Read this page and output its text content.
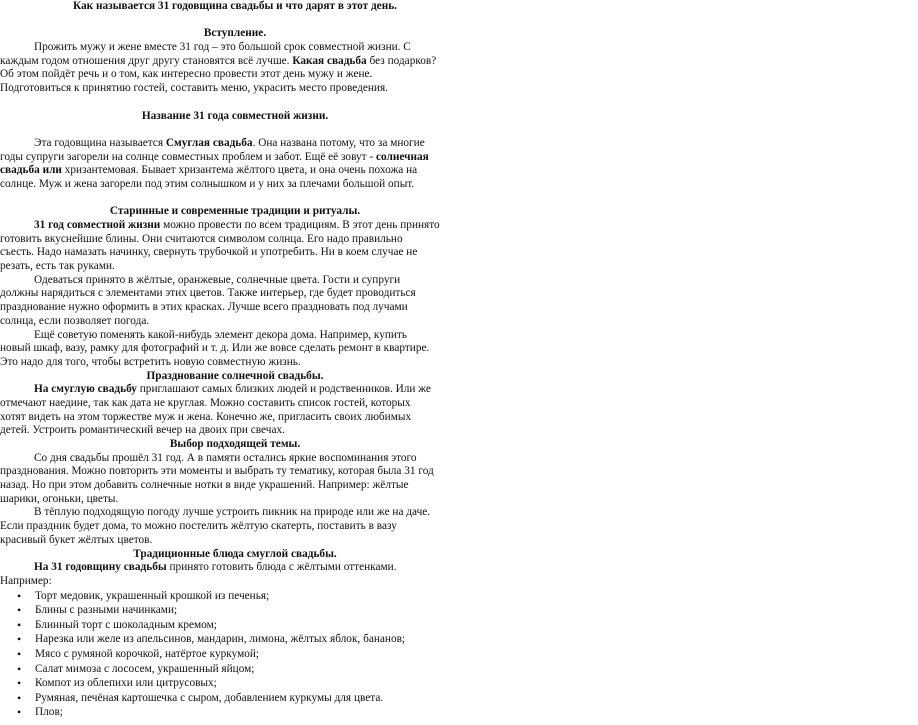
Как называется 31 годовщина свадьбы и что дарят в этот день.
Вступление.
Прожить мужу и жене вместе 31 год – это большой срок совместной жизни. С
каждым годом отношения друг другу становятся всё лучше. Какая свадьба без подарков?
Об этом пойдёт речь и о том, как интересно провести этот день мужу и жене.
Подготовиться к принятию гостей, составить меню, украсить место проведения.
Название 31 года совместной жизни.
Эта годовщина называется Смуглая свадьба. Она названа потому, что за многие
годы супруги загорели на солнце совместных проблем и забот. Ещё её зовут - солнечная
свадьба или хризантемовая. Бывает хризантема жёлтого цвета, и она очень похожа на
солнце. Муж и жена загорели под этим солнышком и у них за плечами большой опыт.
Старинные и современные традиции и ритуалы.
31 год совместной жизни можно провести по всем традициям. В этот день принято
готовить вкуснейшие блины. Они считаются символом солнца. Его надо правильно
съесть. Надо намазать начинку, свернуть трубочкой и употребить. Ни в коем случае не
резать, есть так руками.
Одеваться принято в жёлтые, оранжевые, солнечные цвета. Гости и супруги
должны нарядиться с элементами этих цветов. Также интерьер, где будет проводиться
празднование нужно оформить в этих красках. Лучше всего праздновать под лучами
солнца, если позволяет погода.
Ещё советую поменять какой-нибудь элемент декора дома. Например, купить
новый шкаф, вазу, рамку для фотографий и т. д. Или же вовсе сделать ремонт в квартире.
Это надо для того, чтобы встретить новую совместную жизнь.
Празднование солнечной свадьбы.
На смуглую свадьбу приглашают самых близких людей и родственников. Или же
отмечают наедине, так как дата не круглая. Можно составить список гостей, которых
хотят видеть на этом торжестве муж и жена. Конечно же, пригласить своих любимых
детей. Устроить романтический вечер на двоих при свечах.
Выбор подходящей темы.
Со дня свадьбы прошёл 31 год. А в памяти остались яркие воспоминания этого
празднования. Можно повторить эти моменты и выбрать ту тематику, которая была 31 год
назад. Но при этом добавить солнечные нотки в виде украшений. Например: жёлтые
шарики, огоньки, цветы.
В тёплую подходящую погоду лучше устроить пикник на природе или же на даче.
Если праздник будет дома, то можно постелить жёлтую скатерть, поставить в вазу
красивый букет жёлтых цветов.
Традиционные блюда смуглой свадьбы.
На 31 годовщину свадьбы принято готовить блюда с жёлтыми оттенками.
Например:
• Торт медовик, украшенный крошкой из печенья;
• Блины с разными начинками;
• Блинный торт с шоколадным кремом;
• Нарезка или желе из апельсинов, мандарин, лимона, жёлтых яблок, бананов;
• Мясо с румяной корочкой, натёртое куркумой;
• Салат мимоза с лососем, украшенный яйцом;
• Компот из облепихи или цитрусовых;
• Румяная, печёная картошечка с сыром, добавлением куркумы для цвета.
• Плов;
